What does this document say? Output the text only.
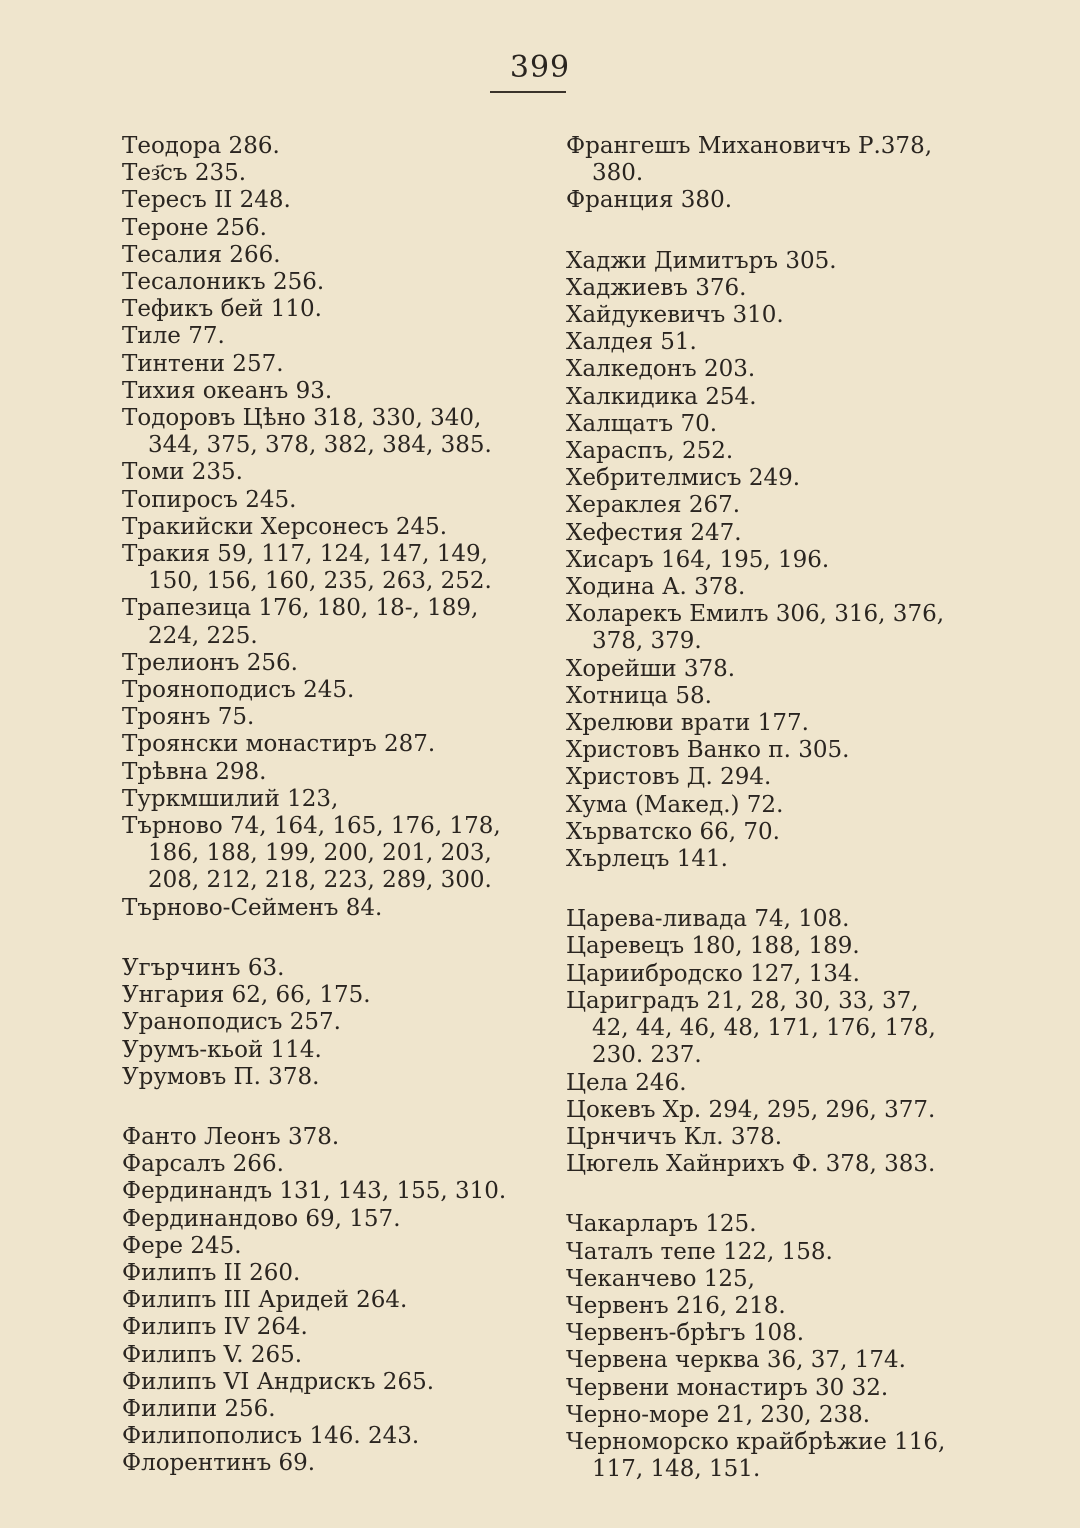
399
Теодора 286.
Тез҃съ 235.
Тересъ II 248.
Тероне 256.
Тесалия 266.
Тесалоникъ 256.
Тефикъ бей 110.
Тиле 77.
Тинтени 257.
Тихия океанъ 93.
Тодоровъ Цѣно 318, 330, 340,
344, 375, 378, 382, 384, 385.
Томи 235.
Топиросъ 245.
Тракийски Херсонесъ 245.
Тракия 59, 117, 124, 147, 149,
150, 156, 160, 235, 263, 252.
Трапезица 176, 180, 18-, 189,
224, 225.
Трелионъ 256.
Трояноподисъ 245.
Троянъ 75.
Троянски монастиръ 287.
Трѣвна 298.
Туркмшилий 123,
Търново 74, 164, 165, 176, 178,
186, 188, 199, 200, 201, 203,
208, 212, 218, 223, 289, 300.
Търново-Сейменъ 84.
Угърчинъ 63.
Унгария 62, 66, 175.
Ураноподисъ 257.
Урумъ-кьой 114.
Урумовъ П. 378.
Фанто Леонъ 378.
Фарсалъ 266.
Фердинандъ 131, 143, 155, 310.
Фердинандово 69, 157.
Фере 245.
Филипъ II 260.
Филипъ III Аридей 264.
Филипъ IV 264.
Филипъ V. 265.
Филипъ VI Андрискъ 265.
Филипи 256.
Филипополисъ 146. 243.
Флорентинъ 69.
Франгешъ Михановичъ Р.378,
380.
Франция 380.
Хаджи Димитъръ 305.
Хаджиевъ 376.
Хайдукевичъ 310.
Халдея 51.
Халкедонъ 203.
Халкидика 254.
Халщатъ 70.
Хараспъ, 252.
Хебрителмисъ 249.
Хераклея 267.
Хефестия 247.
Хисаръ 164, 195, 196.
Ходина А. 378.
Холарекъ Емилъ 306, 316, 376,
378, 379.
Хорейши 378.
Хотница 58.
Хрелюви врати 177.
Христовъ Ванко п. 305.
Христовъ Д. 294.
Хума (Макед.) 72.
Хърватско 66, 70.
Хърлецъ 141.
Царева-ливада 74, 108.
Царевецъ 180, 188, 189.
Цариибродско 127, 134.
Цариградъ 21, 28, 30, 33, 37,
42, 44, 46, 48, 171, 176, 178,
230. 237.
Цела 246.
Цокевъ Хр. 294, 295, 296, 377.
Црнчичъ Кл. 378.
Цюгель Хайнрихъ Ф. 378, 383.
Чакарларъ 125.
Чаталъ тепе 122, 158.
Чеканчево 125,
Червенъ 216, 218.
Червенъ-брѣгъ 108.
Червена черква 36, 37, 174.
Червени монастиръ 30 32.
Черно-море 21, 230, 238.
Черноморско крайбрѣжие 116,
117, 148, 151.
